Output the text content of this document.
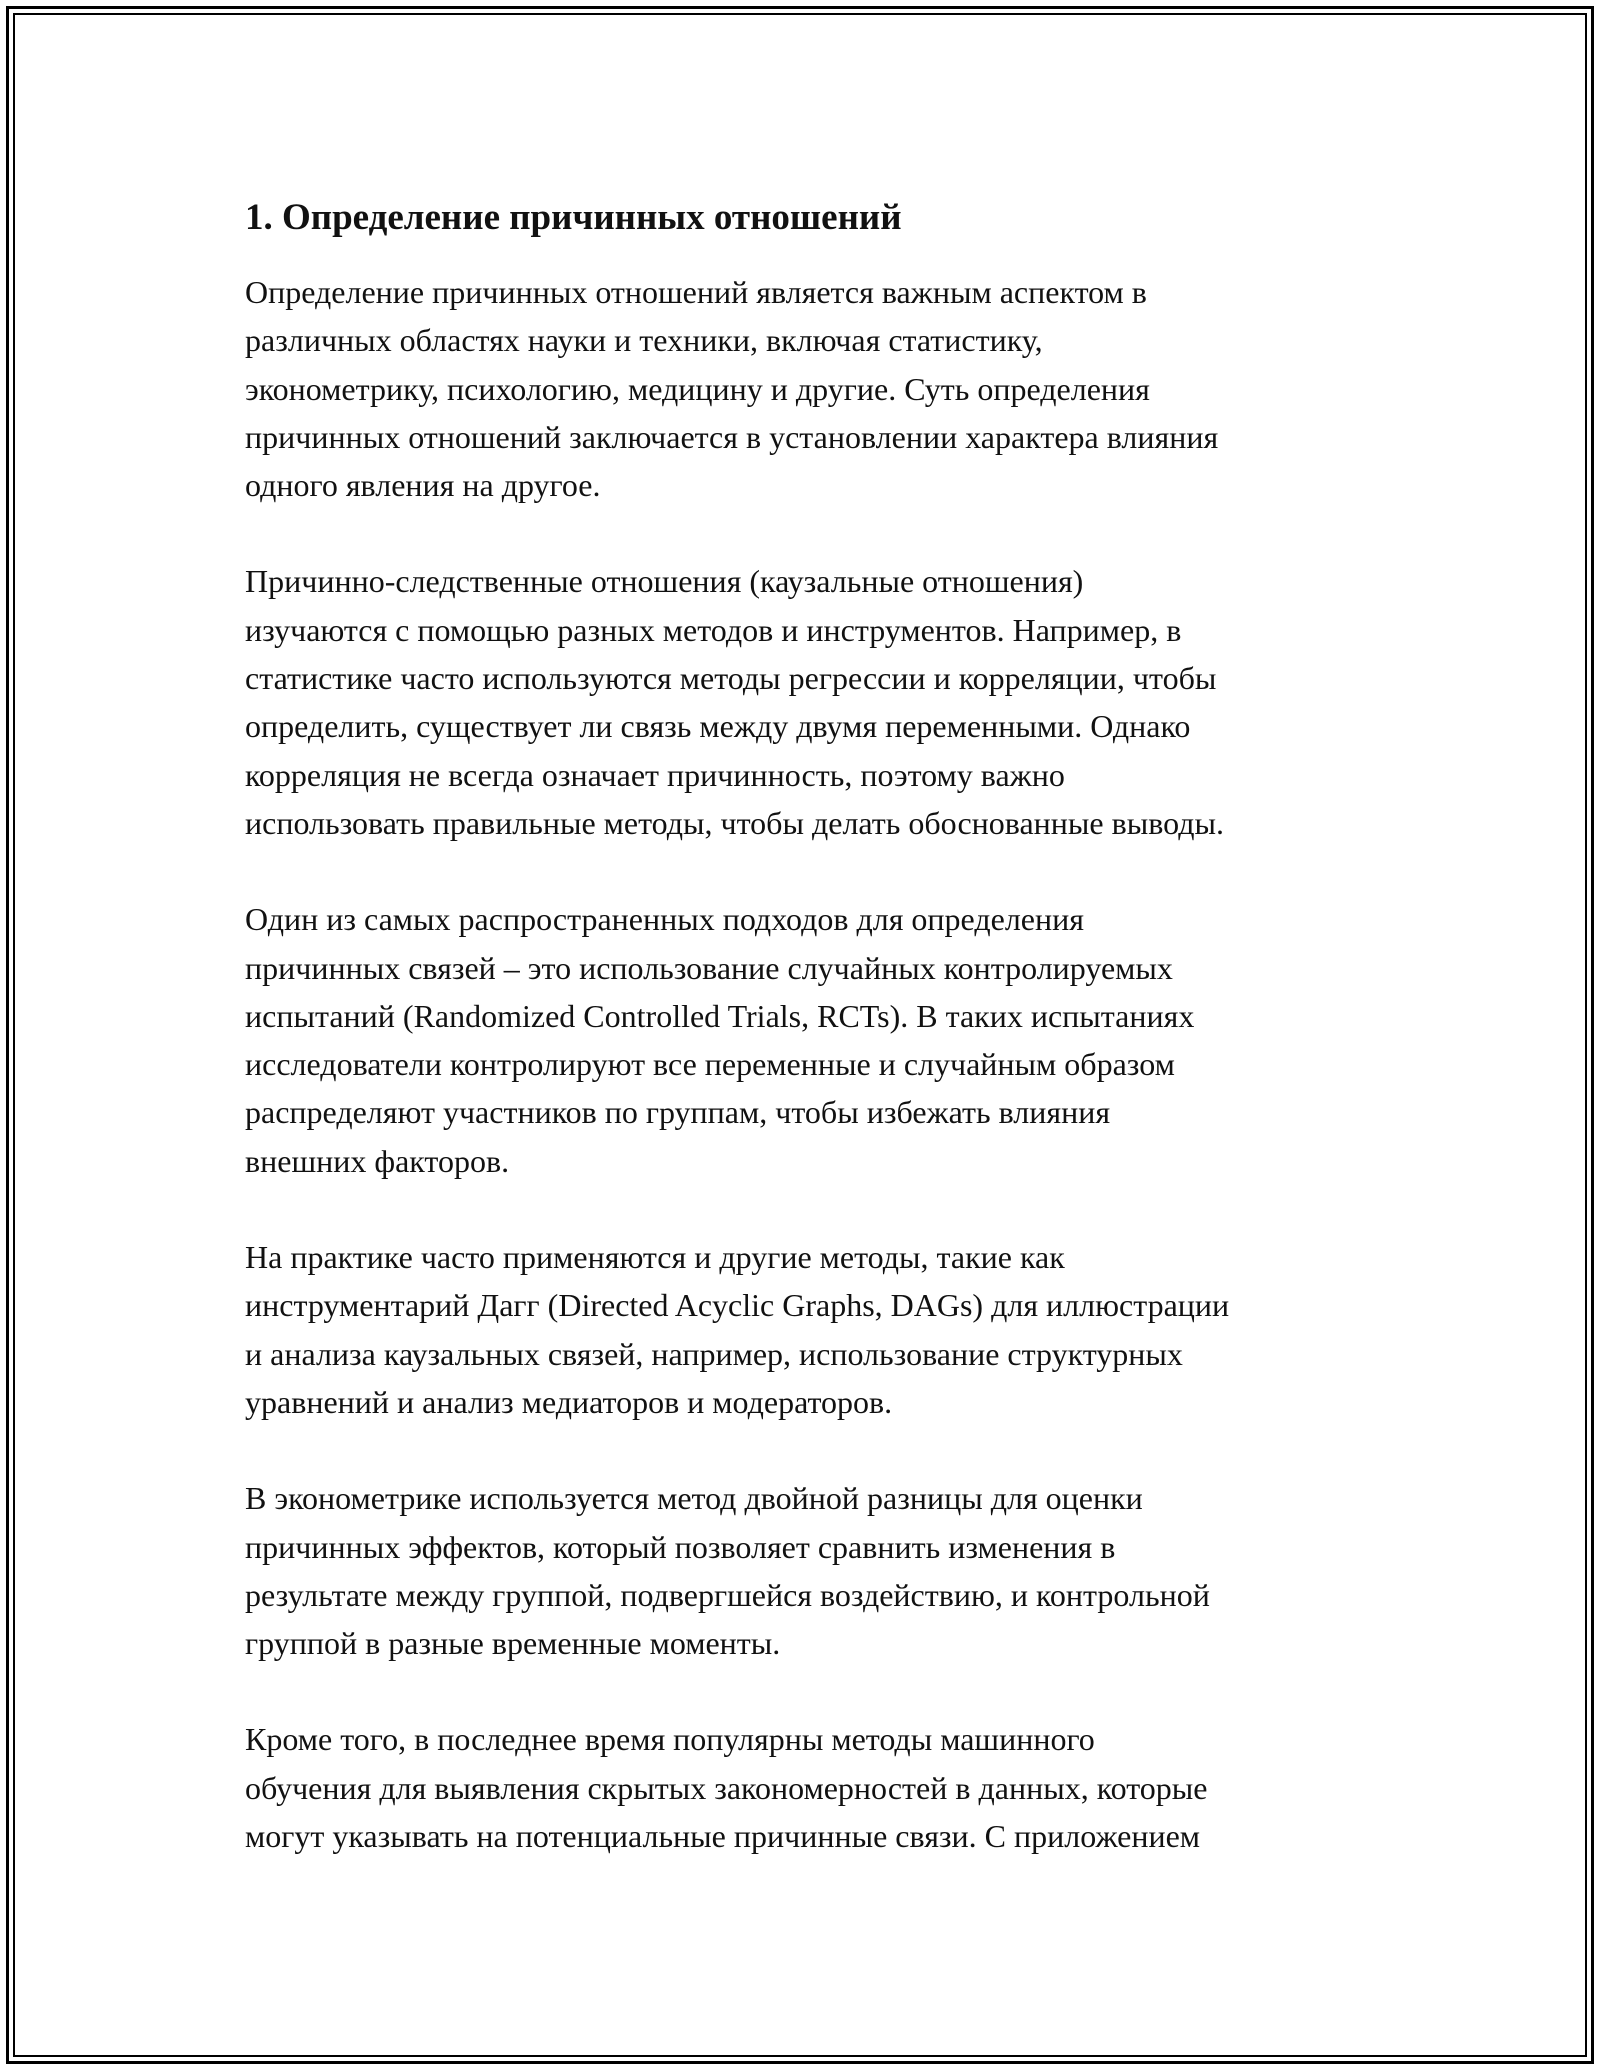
1. Определение причинных отношений

Определение причинных отношений является важным аспектом в
различных областях науки и техники, включая статистику,
эконометрику, психологию, медицину и другие. Суть определения
причинных отношений заключается в установлении характера влияния
одного явления на другое.

Причинно-следственные отношения (каузальные отношения)
изучаются с помощью разных методов и инструментов. Например, в
статистике часто используются методы регрессии и корреляции, чтобы
определить, существует ли связь между двумя переменными. Однако
корреляция не всегда означает причинность, поэтому важно
использовать правильные методы, чтобы делать обоснованные выводы.

Один из самых распространенных подходов для определения
причинных связей – это использование случайных контролируемых
испытаний (Randomized Controlled Trials, RCTs). В таких испытаниях
исследователи контролируют все переменные и случайным образом
распределяют участников по группам, чтобы избежать влияния
внешних факторов.

На практике часто применяются и другие методы, такие как
инструментарий Дагг (Directed Acyclic Graphs, DAGs) для иллюстрации
и анализа каузальных связей, например, использование структурных
уравнений и анализ медиаторов и модераторов.

В эконометрике используется метод двойной разницы для оценки
причинных эффектов, который позволяет сравнить изменения в
результате между группой, подвергшейся воздействию, и контрольной
группой в разные временные моменты.

Кроме того, в последнее время популярны методы машинного
обучения для выявления скрытых закономерностей в данных, которые
могут указывать на потенциальные причинные связи. С приложением
